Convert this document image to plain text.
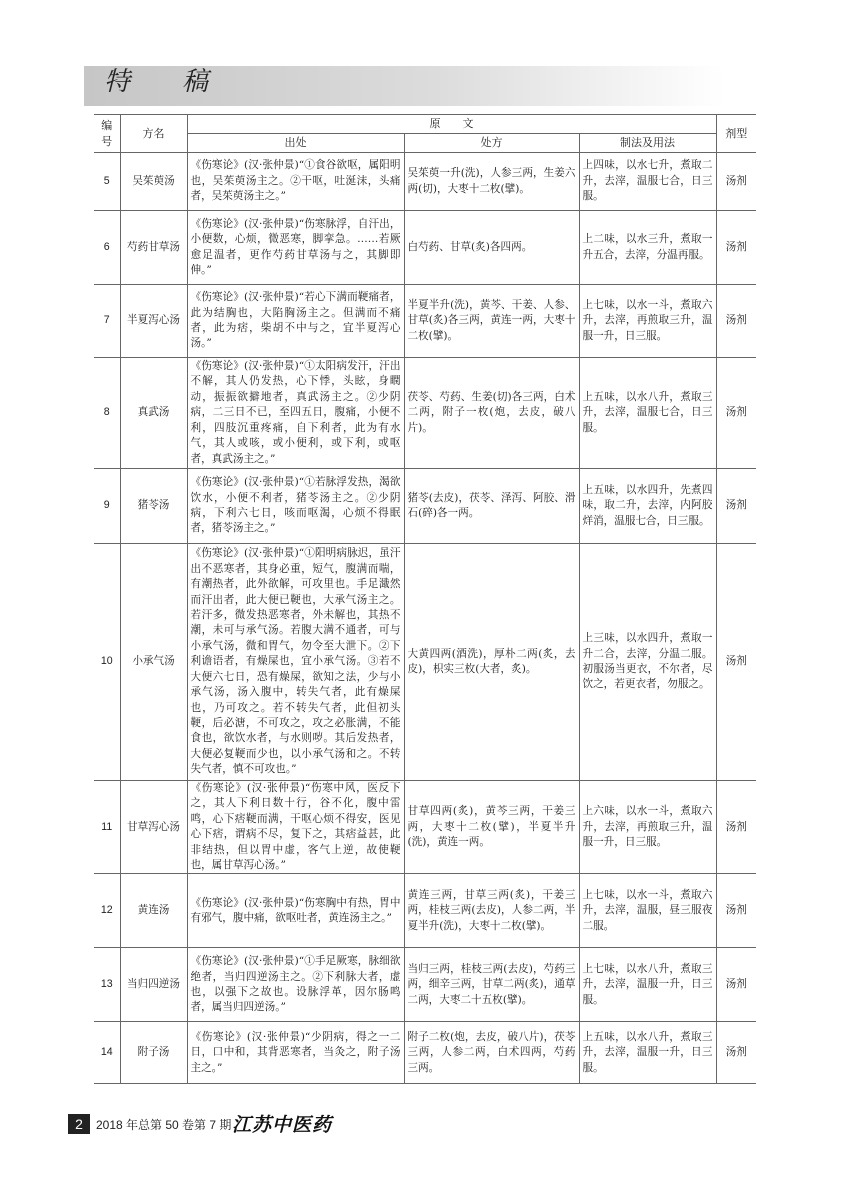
特稿
编号	方名	原　　文			剂型
		出处	处方	制法及用法	
5	吴茱萸汤	《伤寒论》(汉·张仲景)“①食谷欲呕，属阳明也，吴茱萸汤主之。②干呕，吐涎沫，头痛者，吴茱萸汤主之。”	吴茱萸一升(洗)，人参三两，生姜六两(切)，大枣十二枚(擘)。	上四味，以水七升，煮取二升，去滓，温服七合，日三服。	汤剂
6	芍药甘草汤	《伤寒论》(汉·张仲景)“伤寒脉浮，自汗出，小便数，心烦，微恶寒，脚挛急。……若厥愈足温者，更作芍药甘草汤与之，其脚即伸。”	白芍药、甘草(炙)各四两。	上二味，以水三升，煮取一升五合，去滓，分温再服。	汤剂
7	半夏泻心汤	《伤寒论》(汉·张仲景)“若心下满而鞕痛者，此为结胸也，大陷胸汤主之。但满而不痛者，此为痞，柴胡不中与之，宜半夏泻心汤。”	半夏半升(洗)，黄芩、干姜、人参、甘草(炙)各三两，黄连一两，大枣十二枚(擘)。	上七味，以水一斗，煮取六升，去滓，再煎取三升，温服一升，日三服。	汤剂
8	真武汤	《伤寒论》(汉·张仲景)“①太阳病发汗，汗出不解，其人仍发热，心下悸，头眩，身瞤动，振振欲擗地者，真武汤主之。②少阴病，二三日不已，至四五日，腹痛，小便不利，四肢沉重疼痛，自下利者，此为有水气，其人或咳，或小便利，或下利，或呕者，真武汤主之。”	茯苓、芍药、生姜(切)各三两，白术二两，附子一枚(炮，去皮，破八片)。	上五味，以水八升，煮取三升，去滓，温服七合，日三服。	汤剂
9	猪苓汤	《伤寒论》(汉·张仲景)“①若脉浮发热，渴欲饮水，小便不利者，猪苓汤主之。②少阴病，下利六七日，咳而呕渴，心烦不得眠者，猪苓汤主之。”	猪苓(去皮)，茯苓、泽泻、阿胶、滑石(碎)各一两。	上五味，以水四升，先煮四味，取二升，去滓，内阿胶烊消，温服七合，日三服。	汤剂
10	小承气汤	《伤寒论》(汉·张仲景)“①阳明病脉迟，虽汗出不恶寒者，其身必重，短气，腹满而喘，有潮热者，此外欲解，可攻里也。手足濈然而汗出者，此大便已鞕也，大承气汤主之。若汗多，微发热恶寒者，外未解也，其热不潮，未可与承气汤。若腹大满不通者，可与小承气汤，微和胃气，勿令至大泄下。②下利谵语者，有燥屎也，宜小承气汤。③若不大便六七日，恐有燥屎，欲知之法，少与小承气汤，汤入腹中，转失气者，此有燥屎也，乃可攻之。若不转失气者，此但初头鞕，后必溏，不可攻之，攻之必胀满，不能食也，欲饮水者，与水则哕。其后发热者，大便必复鞕而少也，以小承气汤和之。不转失气者，慎不可攻也。”	大黄四两(酒洗)，厚朴二两(炙，去皮)，枳实三枚(大者，炙)。	上三味，以水四升，煮取一升二合，去滓，分温二服。初服汤当更衣，不尔者，尽饮之，若更衣者，勿服之。	汤剂
11	甘草泻心汤	《伤寒论》(汉·张仲景)“伤寒中风，医反下之，其人下利日数十行，谷不化，腹中雷鸣，心下痞鞕而满，干呕心烦不得安，医见心下痞，谓病不尽，复下之，其痞益甚，此非结热，但以胃中虚，客气上逆，故使鞕也，属甘草泻心汤。”	甘草四两(炙)，黄芩三两，干姜三两，大枣十二枚(擘)，半夏半升(洗)，黄连一两。	上六味，以水一斗，煮取六升，去滓，再煎取三升，温服一升，日三服。	汤剂
12	黄连汤	《伤寒论》(汉·张仲景)“伤寒胸中有热，胃中有邪气，腹中痛，欲呕吐者，黄连汤主之。”	黄连三两，甘草三两(炙)，干姜三两，桂枝三两(去皮)，人参二两，半夏半升(洗)，大枣十二枚(擘)。	上七味，以水一斗，煮取六升，去滓，温服，昼三服夜二服。	汤剂
13	当归四逆汤	《伤寒论》(汉·张仲景)“①手足厥寒，脉细欲绝者，当归四逆汤主之。②下利脉大者，虚也，以强下之故也。设脉浮革，因尔肠鸣者，属当归四逆汤。”	当归三两，桂枝三两(去皮)，芍药三两，细辛三两，甘草二两(炙)，通草二两，大枣二十五枚(擘)。	上七味，以水八升，煮取三升，去滓，温服一升，日三服。	汤剂
14	附子汤	《伤寒论》(汉·张仲景)“少阴病，得之一二日，口中和，其背恶寒者，当灸之，附子汤主之。”	附子二枚(炮，去皮，破八片)，茯苓三两，人参二两，白术四两，芍药三两。	上五味，以水八升，煮取三升，去滓，温服一升，日三服。	汤剂
2	2018 年总第 50 卷第 7 期 江苏中医药
